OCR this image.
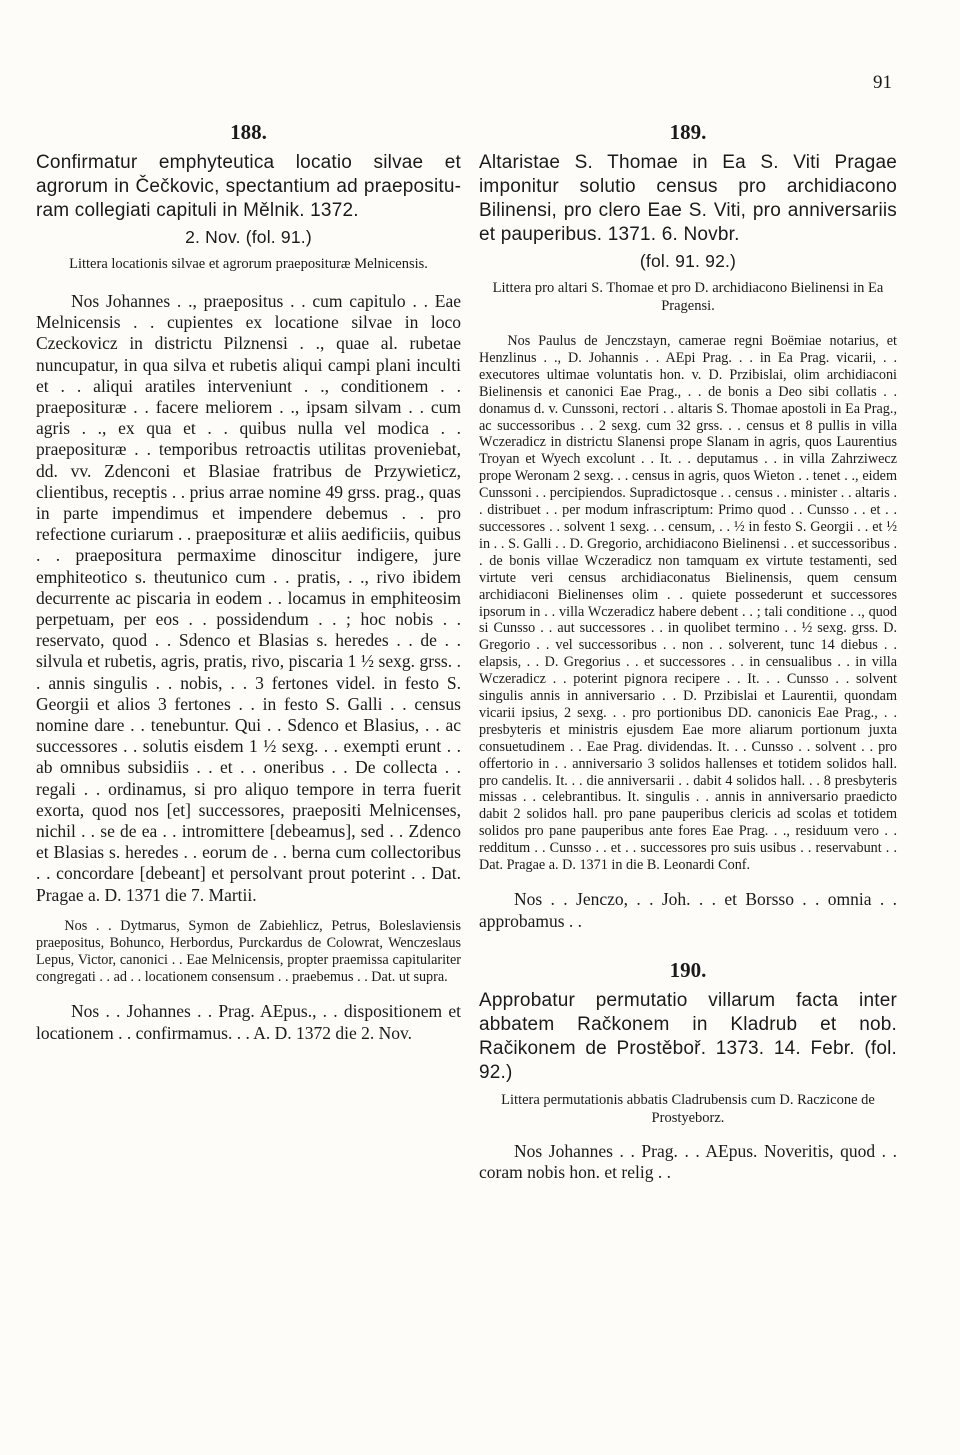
91
188.

Confirmatur emphyteutica locatio silvae et agrorum in Čečkovic, spectantium ad praeposituram collegiati capituli in Mělnik. 1372.

2. Nov. (fol. 91.)

Littera locationis silvae et agrorum praeposituræ Melnicensis.

Nos Johannes . ., praepositus . . cum capitulo . . Eae Melnicensis . . cupientes ex locatione silvae in loco Czeckovicz in districtu Pilznensi . ., quae al. rubetae nuncupatur, in qua silva et rubetis aliqui campi plani inculti et . . aliqui aratiles interveniunt . ., conditionem . . praeposituræ . . facere meliorem . ., ipsam silvam . . cum agris . ., ex qua et . . quibus nulla vel modica . . praeposituræ . . temporibus retroactis utilitas proveniebat, dd. vv. Zdenconi et Blasiae fratribus de Przywieticz, clientibus, receptis . . prius arrae nomine 49 grss. prag., quas in parte impendimus et impendere debemus . . pro refectione curiarum . . praeposituræ et aliis aedificiis, quibus . . praepositura permaxime dinoscitur indigere, jure emphiteotico s. theutunico cum . . pratis, . ., rivo ibidem decurrente ac piscaria in eodem . . locamus in emphiteosim perpetuam, per eos . . possidendum . . ; hoc nobis . . reservato, quod . . Sdenco et Blasias s. heredes . . de . . silvula et rubetis, agris, pratis, rivo, piscaria 1 ½ sexg. grss. . . annis singulis . . nobis, . . 3 fertones videl. in festo S. Georgii et alios 3 fertones . . in festo S. Galli . . census nomine dare . . tenebuntur. Qui . . Sdenco et Blasius, . . ac successores . . solutis eisdem 1 ½ sexg. . . exempti erunt . . ab omnibus subsidiis . . et . . oneribus . . De collecta . . regali . . ordinamus, si pro aliquo tempore in terra fuerit exorta, quod nos [et] successores, praepositi Melnicenses, nichil . . se de ea . . intromittere [debeamus], sed . . Zdenco et Blasias s. heredes . . eorum de . . berna cum collectoribus . . concordare [debeant] et persolvant prout poterint . . Dat. Pragae a. D. 1371 die 7. Martii.

Nos . . Dytmarus, Symon de Zabiehlicz, Petrus, Boleslaviensis praepositus, Bohunco, Herbordus, Purckardus de Colowrat, Wenczeslaus Lepus, Victor, canonici . . Eae Melnicensis, propter praemissa capitulariter congregati . . ad . . locationem consensum . . praebemus . . Dat. ut supra.

Nos . . Johannes . . Prag. AEpus., . . dispositionem et locationem . . confirmamus. . . A. D. 1372 die 2. Nov.

189.

Altaristae S. Thomae in Ea S. Viti Pragae imponitur solutio census pro archidiacono Bilinensi, pro clero Eae S. Viti, pro anniversariis et pauperibus. 1371. 6. Novbr.

(fol. 91. 92.)

Littera pro altari S. Thomae et pro D. archidiacono Bielinensi in Ea Pragensi.

Nos Paulus de Jenczstayn, camerae regni Boëmiae notarius, et Henzlinus . ., D. Johannis . . AEpi Prag. . . in Ea Prag. vicarii, . . executores ultimae voluntatis hon. v. D. Przibislai, olim archidiaconi Bielinensis et canonici Eae Prag., . . de bonis a Deo sibi collatis . . donamus d. v. Cunssoni, rectori . . altaris S. Thomae apostoli in Ea Prag., ac successoribus . . 2 sexg. cum 32 grss. . . census et 8 pullis in villa Wczeradicz in districtu Slanensi prope Slanam in agris, quos Laurentius Troyan et Wyech excolunt . . It. . . deputamus . . in villa Zahrziwecz prope Weronam 2 sexg. . . census in agris, quos Wieton . . tenet . ., eidem Cunssoni . . percipiendos. Supradictosque . . census . . minister . . altaris . . distribuet . . per modum infrascriptum: Primo quod . . Cunsso . . et . . successores . . solvent 1 sexg. . . censum, . . ½ in festo S. Georgii . . et ½ in . . S. Galli . . D. Gregorio, archidiacono Bielinensi . . et successoribus . . de bonis villae Wczeradicz non tamquam ex virtute testamenti, sed virtute veri census archidiaconatus Bielinensis, quem censum archidiaconi Bielinenses olim . . quiete possederunt et successores ipsorum in . . villa Wczeradicz habere debent . . ; tali conditione . ., quod si Cunsso . . aut successores . . in quolibet termino . . ½ sexg. grss. D. Gregorio . . vel successoribus . . non . . solverent, tunc 14 diebus . . elapsis, . . D. Gregorius . . et successores . . in censualibus . . in villa Wczeradicz . . poterint pignora recipere . . It. . . Cunsso . . solvent singulis annis in anniversario . . D. Przibislai et Laurentii, quondam vicarii ipsius, 2 sexg. . . pro portionibus DD. canonicis Eae Prag., . . presbyteris et ministris ejusdem Eae more aliarum portionum juxta consuetudinem . . Eae Prag. dividendas. It. . . Cunsso . . solvent . . pro offertorio in . . anniversario 3 solidos hallenses et totidem solidos hall. pro candelis. It. . . die anniversarii . . dabit 4 solidos hall. . . 8 presbyteris missas . . celebrantibus. It. singulis . . annis in anniversario praedicto dabit 2 solidos hall. pro pane pauperibus clericis ad scolas et totidem solidos pro pane pauperibus ante fores Eae Prag. . ., residuum vero . . redditum . . Cunsso . . et . . successores pro suis usibus . . reservabunt . . Dat. Pragae a. D. 1371 in die B. Leonardi Conf.

Nos . . Jenczo, . . Joh. . . et Borsso . . omnia . . approbamus . .

190.

Approbatur permutatio villarum facta inter abbatem Račkonem in Kladrub et nob. Račikonem de Prostěboř. 1373. 14. Febr. (fol. 92.)

Littera permutationis abbatis Cladrubensis cum D. Raczicone de Prostyeborz.

Nos Johannes . . Prag. . . AEpus. Noveritis, quod . . coram nobis hon. et relig . .
